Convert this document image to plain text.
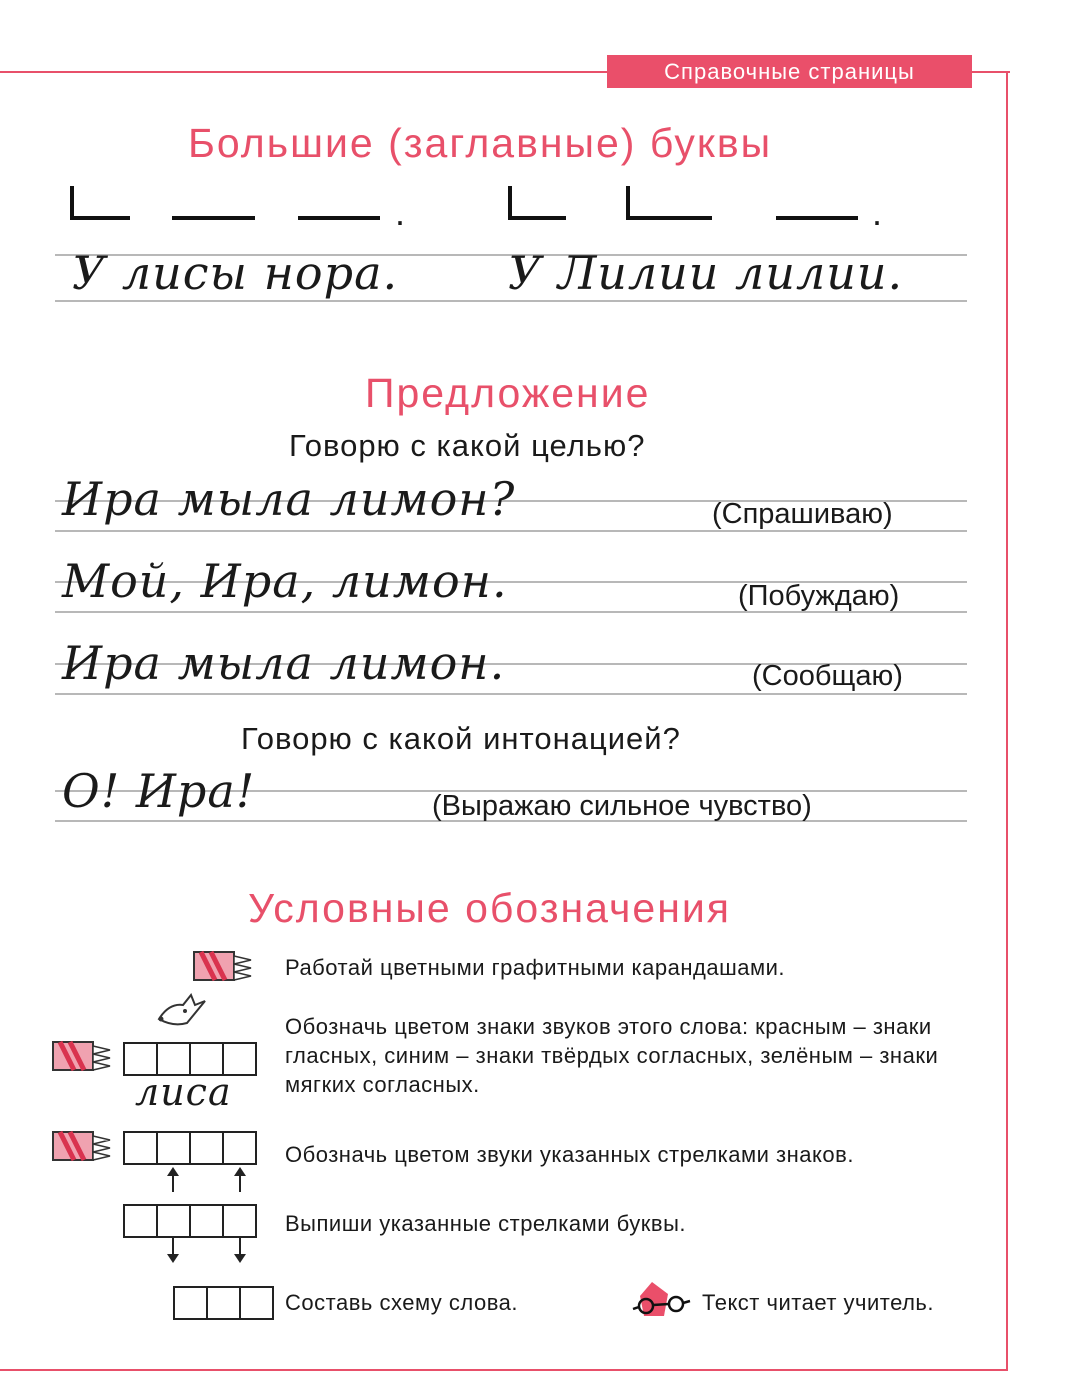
Справочные страницы
Большие (заглавные) буквы
.	.
У лисы нора. У Лилии лилии.
Предложение
Говорю с какой целью?
Ира мыла лимон?	(Спрашиваю)
Мой, Ира, лимон.	(Побуждаю)
Ира мыла лимон.	(Сообщаю)
Говорю с какой интонацией?
О! Ира!	(Выражаю сильное чувство)
Условные обозначения
Работай цветными графитными карандашами.
лиса
Обозначь цветом знаки звуков этого слова: красным – знаки гласных, синим – знаки твёрдых согласных, зелёным – знаки мягких согласных.
Обозначь цветом звуки указанных стрелками знаков.
Выпиши указанные стрелками буквы.
Составь схему слова.	Текст читает учитель.
